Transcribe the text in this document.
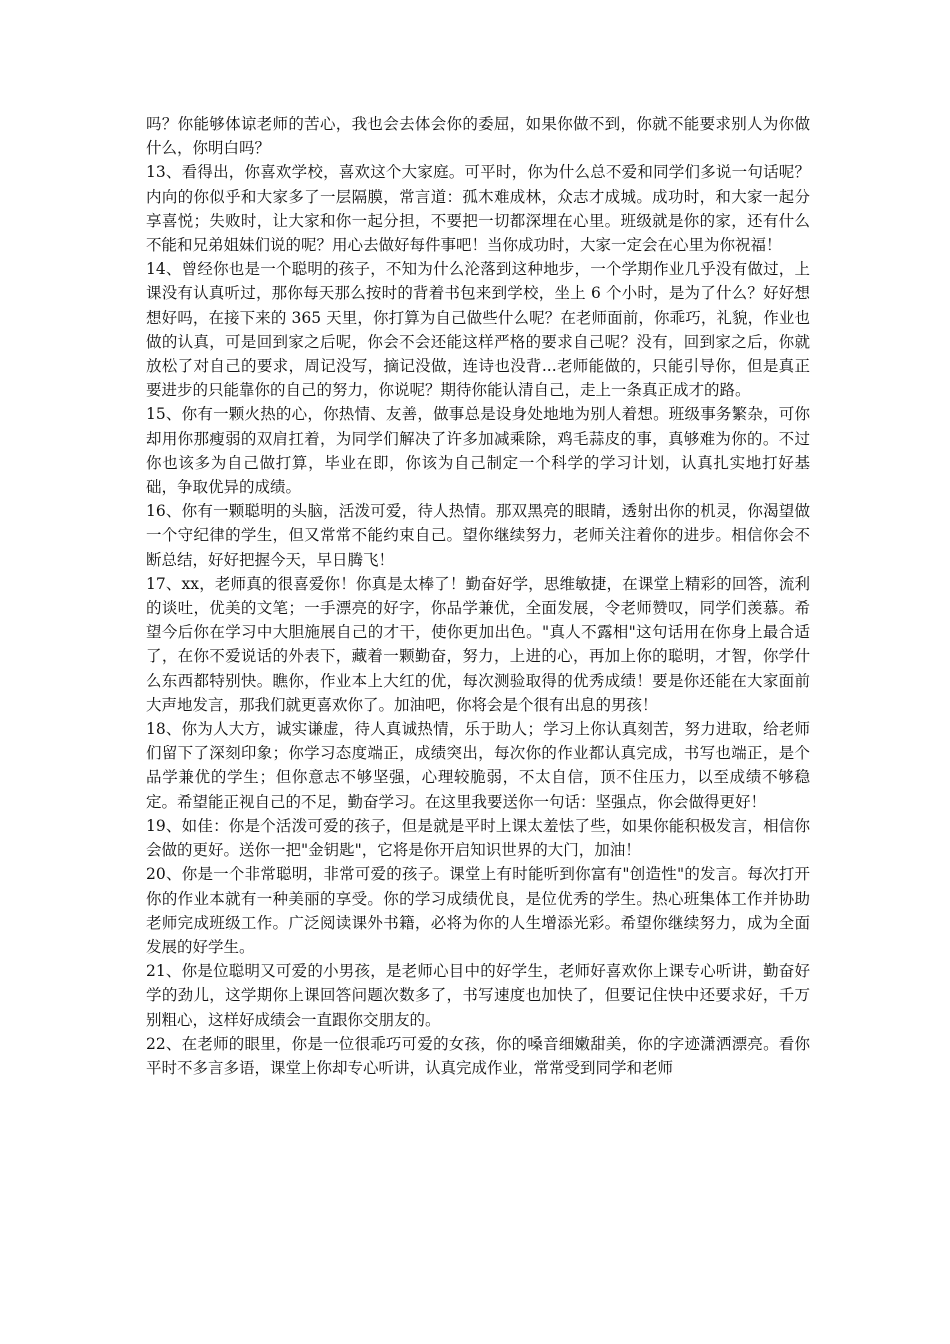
吗？你能够体谅老师的苦心，我也会去体会你的委屈，如果你做不到，你就不能要求别人为你做什么，你明白吗？

13、看得出，你喜欢学校，喜欢这个大家庭。可平时，你为什么总不爱和同学们多说一句话呢？内向的你似乎和大家多了一层隔膜，常言道：孤木难成林，众志才成城。成功时，和大家一起分享喜悦；失败时，让大家和你一起分担，不要把一切都深埋在心里。班级就是你的家，还有什么不能和兄弟姐妹们说的呢？用心去做好每件事吧！当你成功时，大家一定会在心里为你祝福！

14、曾经你也是一个聪明的孩子，不知为什么沦落到这种地步，一个学期作业几乎没有做过，上课没有认真听过，那你每天那么按时的背着书包来到学校，坐上 6 个小时，是为了什么？好好想想好吗，在接下来的 365 天里，你打算为自己做些什么呢？在老师面前，你乖巧，礼貌，作业也做的认真，可是回到家之后呢，你会不会还能这样严格的要求自己呢？没有，回到家之后，你就放松了对自己的要求，周记没写，摘记没做，连诗也没背...老师能做的，只能引导你，但是真正要进步的只能靠你的自己的努力，你说呢？期待你能认清自己，走上一条真正成才的路。

15、你有一颗火热的心，你热情、友善，做事总是设身处地地为别人着想。班级事务繁杂，可你却用你那瘦弱的双肩扛着，为同学们解决了许多加减乘除，鸡毛蒜皮的事，真够难为你的。不过你也该多为自己做打算，毕业在即，你该为自己制定一个科学的学习计划，认真扎实地打好基础，争取优异的成绩。

16、你有一颗聪明的头脑，活泼可爱，待人热情。那双黑亮的眼睛，透射出你的机灵，你渴望做一个守纪律的学生，但又常常不能约束自己。望你继续努力，老师关注着你的进步。相信你会不断总结，好好把握今天，早日腾飞！

17、xx，老师真的很喜爱你！你真是太棒了！勤奋好学，思维敏捷，在课堂上精彩的回答，流利的谈吐，优美的文笔；一手漂亮的好字，你品学兼优，全面发展，令老师赞叹，同学们羡慕。希望今后你在学习中大胆施展自己的才干，使你更加出色。"真人不露相"这句话用在你身上最合适了，在你不爱说话的外表下，藏着一颗勤奋，努力，上进的心，再加上你的聪明，才智，你学什么东西都特别快。瞧你，作业本上大红的优，每次测验取得的优秀成绩！要是你还能在大家面前大声地发言，那我们就更喜欢你了。加油吧，你将会是个很有出息的男孩！

18、你为人大方，诚实谦虚，待人真诚热情，乐于助人；学习上你认真刻苦，努力进取，给老师们留下了深刻印象；你学习态度端正，成绩突出，每次你的作业都认真完成，书写也端正，是个品学兼优的学生；但你意志不够坚强，心理较脆弱，不太自信，顶不住压力，以至成绩不够稳定。希望能正视自己的不足，勤奋学习。在这里我要送你一句话：坚强点，你会做得更好！

19、如佳：你是个活泼可爱的孩子，但是就是平时上课太羞怯了些，如果你能积极发言，相信你会做的更好。送你一把"金钥匙"，它将是你开启知识世界的大门，加油！

20、你是一个非常聪明，非常可爱的孩子。课堂上有时能听到你富有"创造性"的发言。每次打开你的作业本就有一种美丽的享受。你的学习成绩优良，是位优秀的学生。热心班集体工作并协助老师完成班级工作。广泛阅读课外书籍，必将为你的人生增添光彩。希望你继续努力，成为全面发展的好学生。

21、你是位聪明又可爱的小男孩，是老师心目中的好学生，老师好喜欢你上课专心听讲，勤奋好学的劲儿，这学期你上课回答问题次数多了，书写速度也加快了，但要记住快中还要求好，千万别粗心，这样好成绩会一直跟你交朋友的。

22、在老师的眼里，你是一位很乖巧可爱的女孩，你的嗓音细嫩甜美，你的字迹潇洒漂亮。看你平时不多言多语，课堂上你却专心听讲，认真完成作业，常常受到同学和老师
